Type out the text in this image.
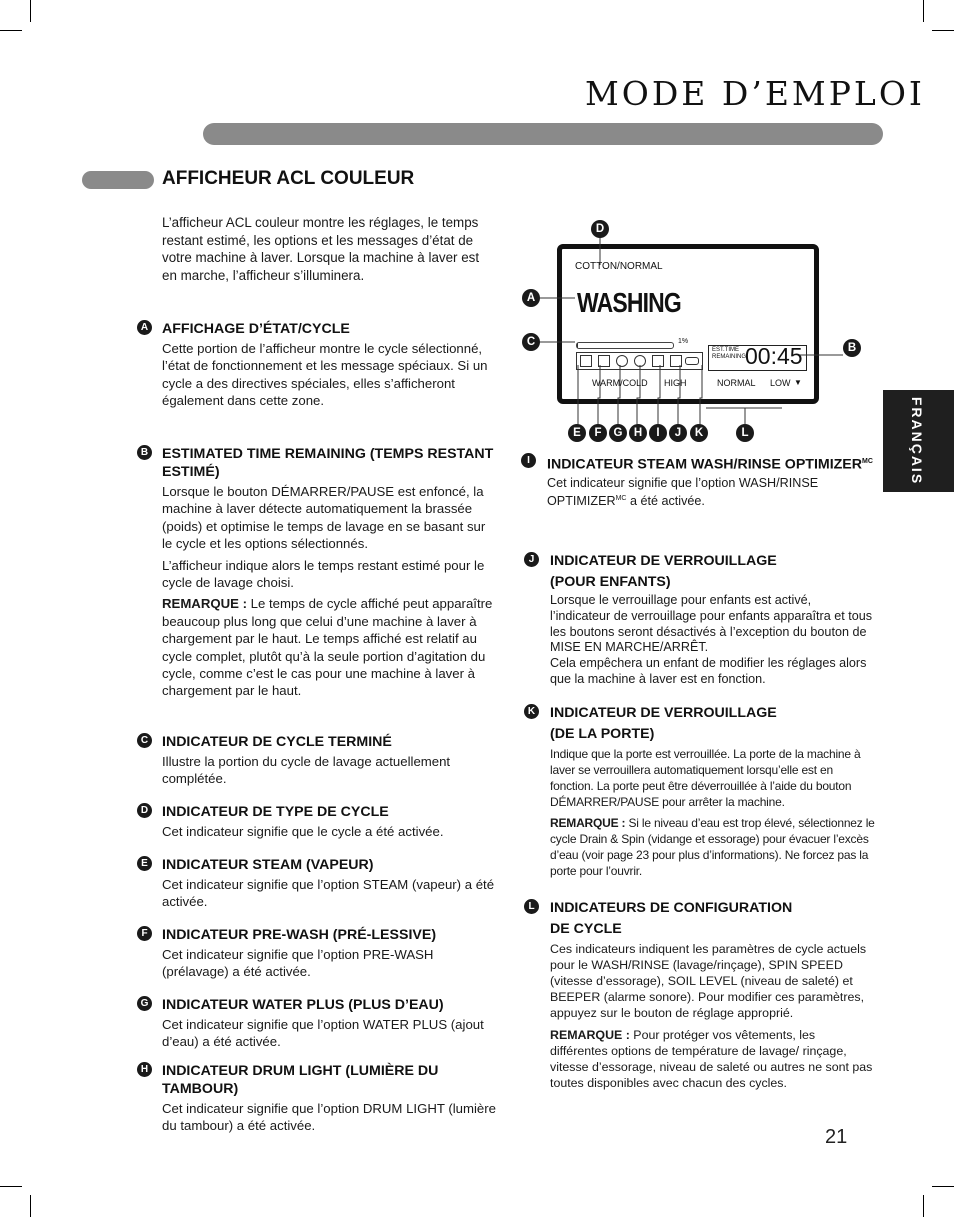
MODE D’EMPLOI
AFFICHEUR ACL COULEUR
L’afficheur ACL couleur montre les réglages, le temps restant estimé, les options et les messages d’état de votre machine à laver. Lorsque la machine à laver est en marche, l’afficheur s’illuminera.
FRANÇAIS
A AFFICHAGE D’ÉTAT/CYCLE

Cette portion de l’afficheur montre le cycle sélectionné, l’état de fonctionnement et les message spéciaux. Si un cycle a des directives spéciales, elles s’afficheront également dans cette zone.

B ESTIMATED TIME REMAINING (TEMPS RESTANT ESTIMÉ)

Lorsque le bouton DÉMARRER/PAUSE est enfoncé, la machine à laver détecte automatiquement la brassée (poids) et optimise le temps de lavage en se basant sur le cycle et les options sélectionnés.

L’afficheur indique alors le temps restant estimé pour le cycle de lavage choisi.

REMARQUE : Le temps de cycle affiché peut apparaître beaucoup plus long que celui d’une machine à laver à chargement par le haut. Le temps affiché est relatif au cycle complet, plutôt qu’à la seule portion d’agitation du cycle, comme c’est le cas pour une machine à laver à chargement par le haut.

C INDICATEUR DE CYCLE TERMINÉ

Illustre la portion du cycle de lavage actuellement complétée.

D INDICATEUR DE TYPE DE CYCLE

Cet indicateur signifie que le cycle a été activée.

E INDICATEUR STEAM (VAPEUR)

Cet indicateur signifie que l’option STEAM (vapeur) a été activée.

F	INDICATEUR PRE-WASH (PRÉ-LESSIVE)

Cet indicateur signifie que l’option PRE-WASH (prélavage) a été activée.

G INDICATEUR WATER PLUS (PLUS D’EAU)

Cet indicateur signifie que l’option WATER PLUS (ajout d’eau) a été activée.

H INDICATEUR DRUM LIGHT (LUMIÈRE DU TAMBOUR)

Cet indicateur signifie que l’option DRUM LIGHT (lumière du tambour) a été activée.

COTTON/NORMAL
WASHING
1%
EST.TIME
REMAINING
00:45
WARM/COLD HIGH	NORMAL LOW ▼
D
A
C	B
E	F	G H	I	J	K	L
I	INDICATEUR STEAM WASH/RINSE $OPTIMIZER^{MC}$

Cet indicateur signifie que l’option WASH/RINSE $OPTIMIZER^{MC}$ a été activée.

J	INDICATEUR DE VERROUILLAGE
(POUR ENFANTS)

Lorsque le verrouillage pour enfants est activé, l’indicateur de verrouillage pour enfants apparaîtra et tous les boutons seront désactivés à l’exception du bouton de MISE EN MARCHE/ARRÊT.

Cela empêchera un enfant de modifier les réglages alors que la machine à laver est en fonction.

K INDICATEUR DE VERROUILLAGE
(DE LA PORTE)

Indique que la porte est verrouillée. La porte de la machine à laver se verrouillera automatiquement lorsqu’elle est en fonction. La porte peut être déverrouillée à l’aide du bouton DÉMARRER/PAUSE pour arrêter la machine.

REMARQUE : Si le niveau d’eau est trop élevé, sélectionnez le cycle Drain & Spin (vidange et essorage) pour évacuer l’excès d’eau (voir page 23 pour plus d’informations). Ne forcez pas la porte pour l’ouvrir.

L	INDICATEURS DE CONFIGURATION
DE CYCLE

Ces indicateurs indiquent les paramètres de cycle actuels pour le WASH/RINSE (lavage/rinçage), SPIN SPEED (vitesse d’essorage), SOIL LEVEL (niveau de saleté) et BEEPER (alarme sonore). Pour modifier ces paramètres, appuyez sur le bouton de réglage approprié.

REMARQUE : Pour protéger vos vêtements, les différentes options de température de lavage/ rinçage, vitesse d’essorage, niveau de saleté ou autres ne sont pas toutes disponibles avec chacun des cycles.

21
